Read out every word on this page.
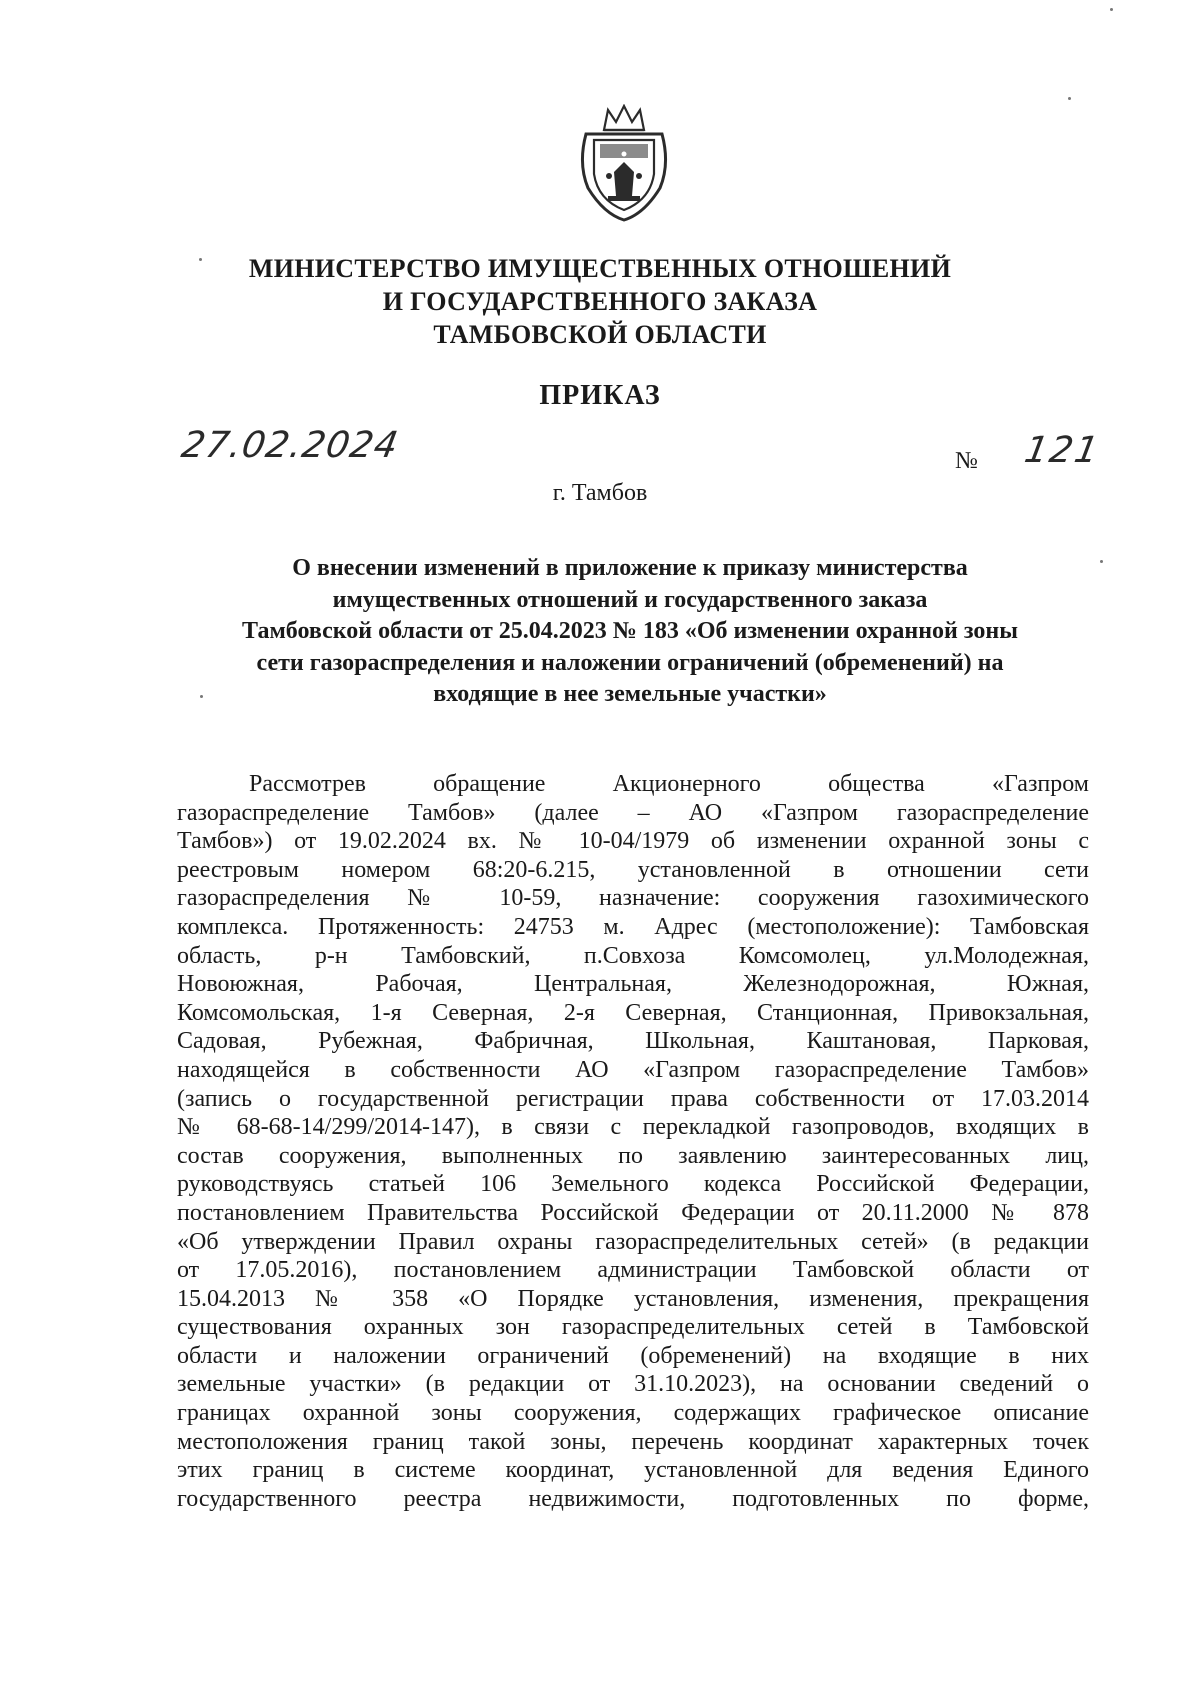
МИНИСТЕРСТВО ИМУЩЕСТВЕННЫХ ОТНОШЕНИЙ
И ГОСУДАРСТВЕННОГО ЗАКАЗА
ТАМБОВСКОЙ ОБЛАСТИ
ПРИКАЗ
27.02.2024	№ 121
г. Тамбов
О внесении изменений в приложение к приказу министерства
имущественных отношений и государственного заказа
Тамбовской области от 25.04.2023 № 183 «Об изменении охранной зоны
сети газораспределения и наложении ограничений (обременений) на
входящие в нее земельные участки»
Рассмотрев обращение Акционерного общества «Газпром
газораспределение Тамбов» (далее – АО «Газпром газораспределение
Тамбов») от 19.02.2024 вх. № 10-04/1979 об изменении охранной зоны с
реестровым номером 68:20-6.215, установленной в отношении сети
газораспределения № 10-59, назначение: сооружения газохимического
комплекса. Протяженность: 24753 м. Адрес (местоположение): Тамбовская
область, р-н Тамбовский, п.Совхоза Комсомолец, ул.Молодежная,
Новоюжная, Рабочая, Центральная, Железнодорожная, Южная,
Комсомольская, 1-я Северная, 2-я Северная, Станционная, Привокзальная,
Садовая, Рубежная, Фабричная, Школьная, Каштановая, Парковая,
находящейся в собственности АО «Газпром газораспределение Тамбов»
(запись о государственной регистрации права собственности от 17.03.2014
№ 68-68-14/299/2014-147), в связи с перекладкой газопроводов, входящих в
состав сооружения, выполненных по заявлению заинтересованных лиц,
руководствуясь статьей 106 Земельного кодекса Российской Федерации,
постановлением Правительства Российской Федерации от 20.11.2000 № 878
«Об утверждении Правил охраны газораспределительных сетей» (в редакции
от 17.05.2016), постановлением администрации Тамбовской области от
15.04.2013 № 358 «О Порядке установления, изменения, прекращения
существования охранных зон газораспределительных сетей в Тамбовской
области и наложении ограничений (обременений) на входящие в них
земельные участки» (в редакции от 31.10.2023), на основании сведений о
границах охранной зоны сооружения, содержащих графическое описание
местоположения границ такой зоны, перечень координат характерных точек
этих границ в системе координат, установленной для ведения Единого
государственного реестра недвижимости, подготовленных по форме,
